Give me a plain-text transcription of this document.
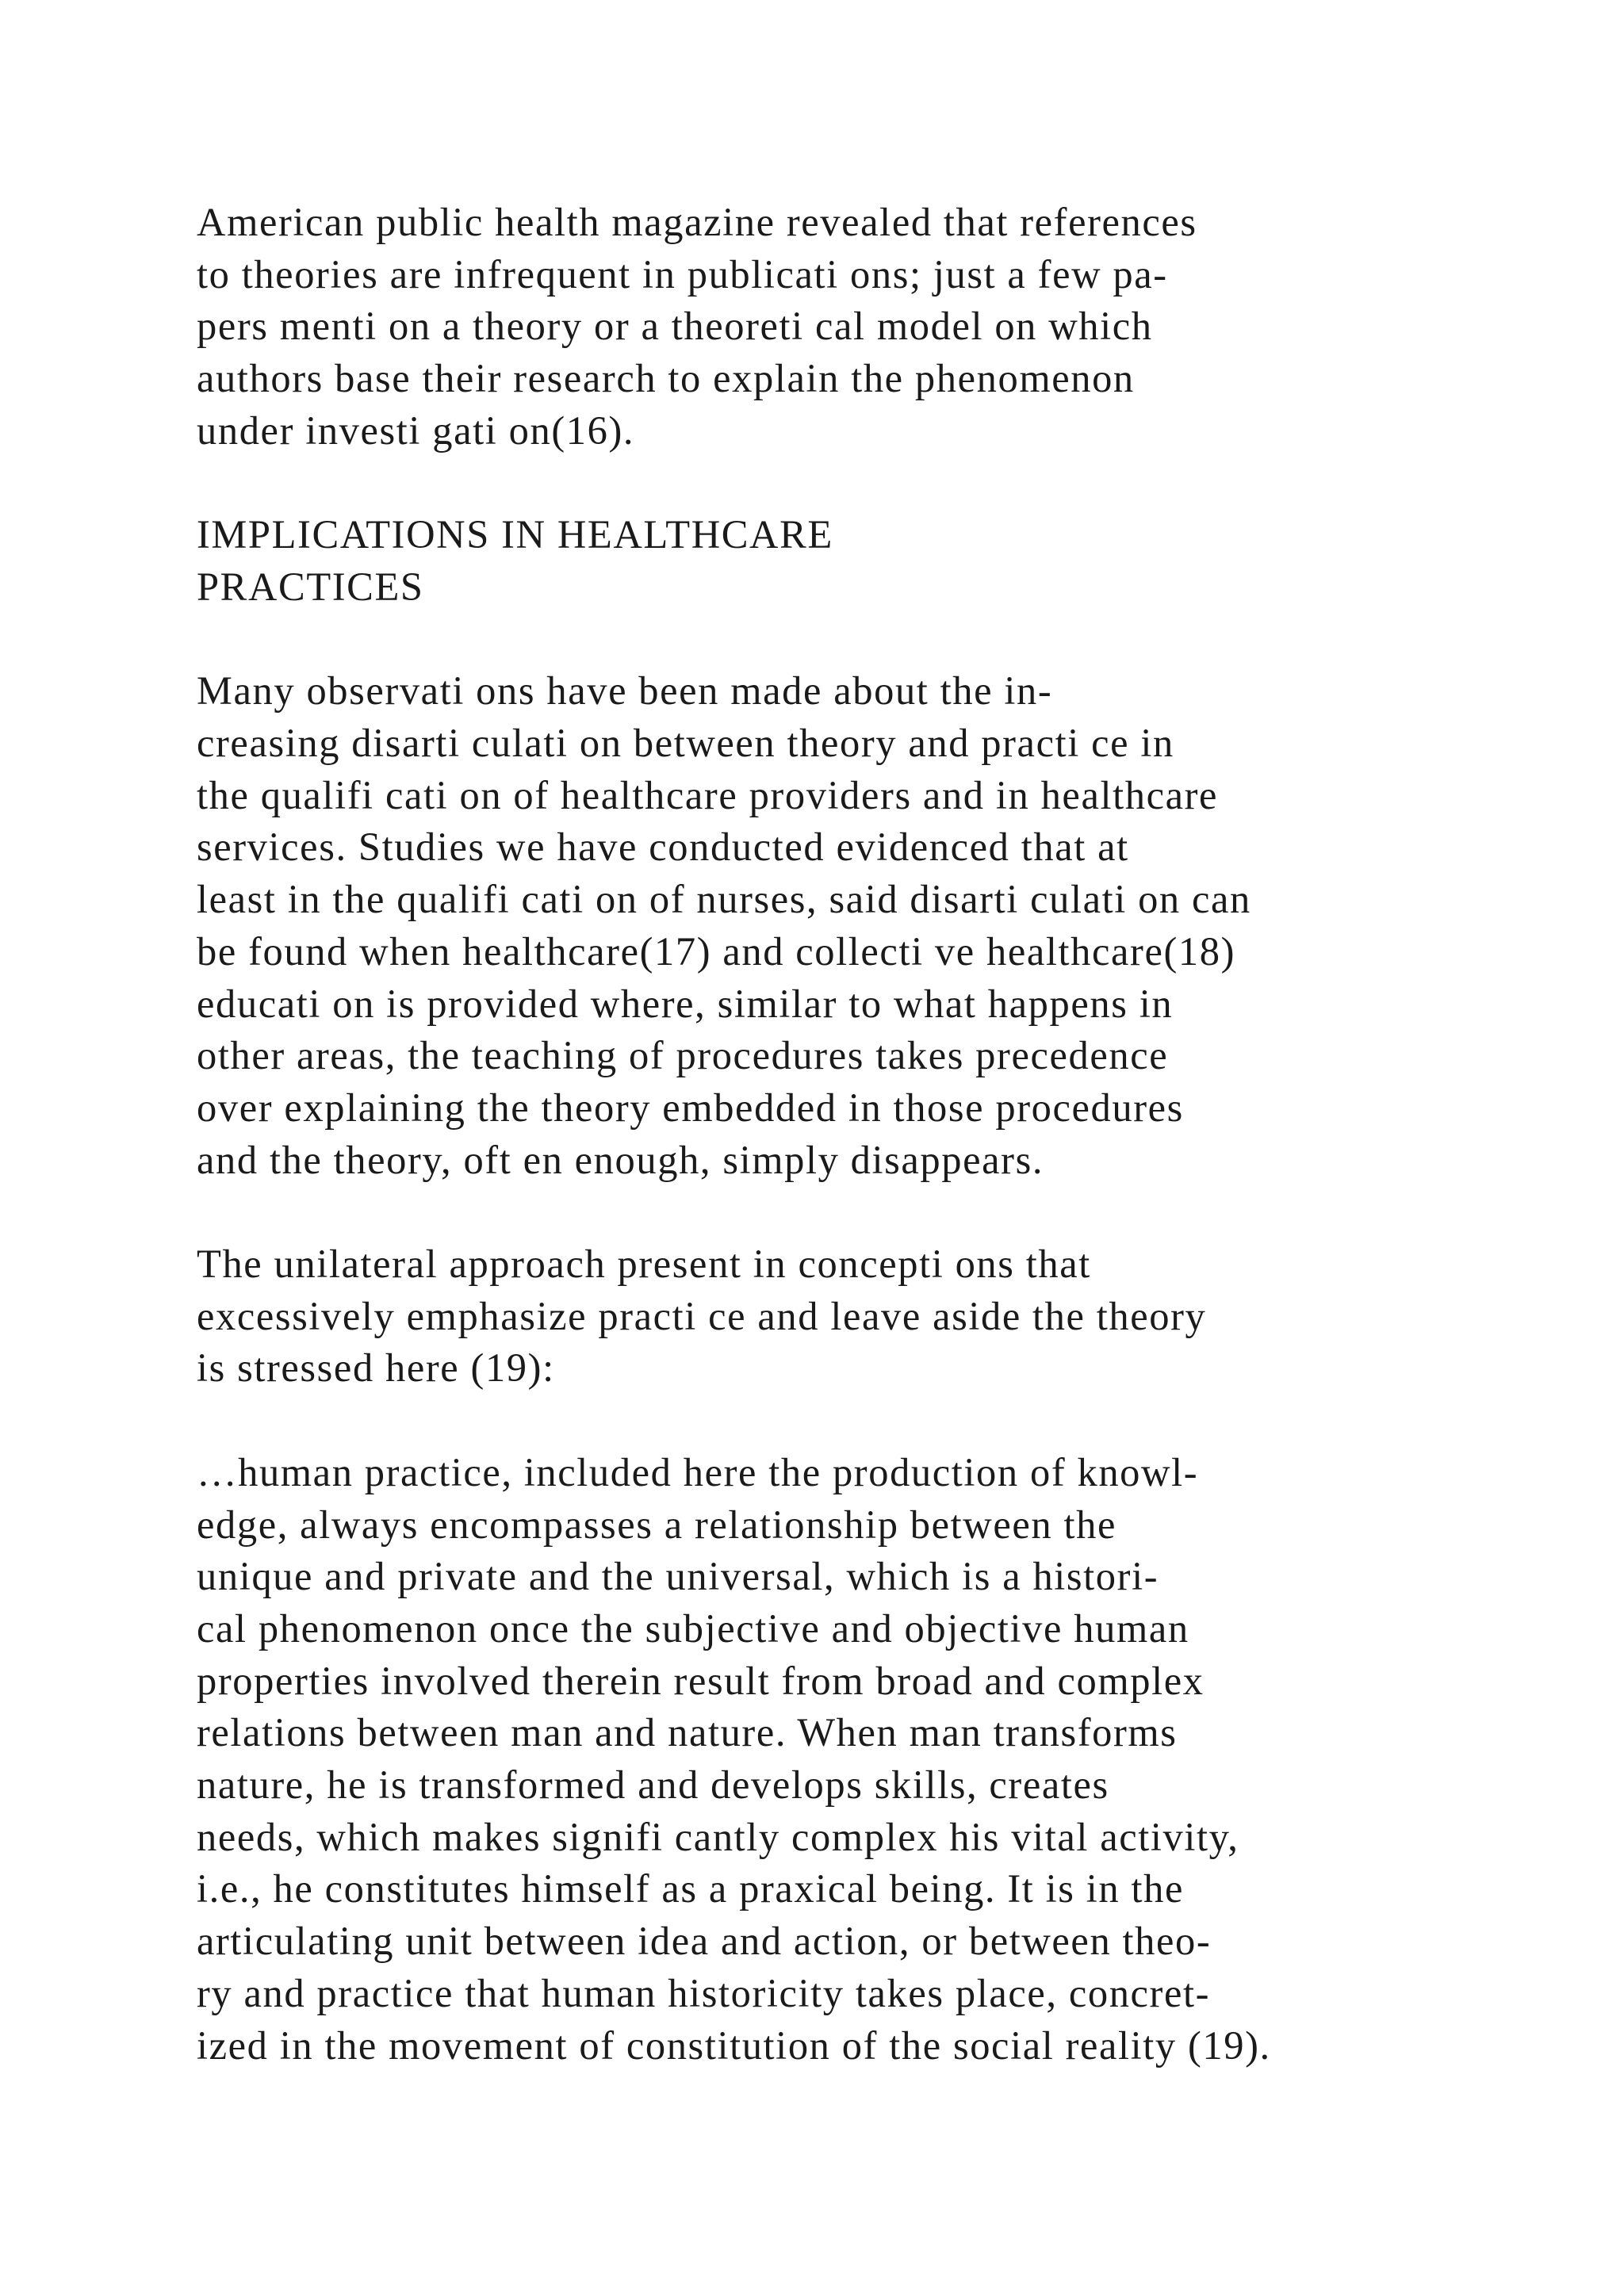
American public health magazine revealed that references
to theories are infrequent in publicati ons; just a few pa-
pers menti on a theory or a theoreti cal model on which
authors base their research to explain the phenomenon
under investi gati on(16).

IMPLICATIONS IN HEALTHCARE
PRACTICES

Many observati ons have been made about the in-
creasing disarti culati on between theory and practi ce in
the qualifi cati on of healthcare providers and in healthcare
services. Studies we have conducted evidenced that at
least in the qualifi cati on of nurses, said disarti culati on can
be found when healthcare(17) and collecti ve healthcare(18)
educati on is provided where, similar to what happens in
other areas, the teaching of procedures takes precedence
over explaining the theory embedded in those procedures
and the theory, oft en enough, simply disappears.

The unilateral approach present in concepti ons that
excessively emphasize practi ce and leave aside the theory
is stressed here (19):

…human practice, included here the production of knowl-
edge, always encompasses a relationship between the
unique and private and the universal, which is a histori-
cal phenomenon once the subjective and objective human
properties involved therein result from broad and complex
relations between man and nature. When man transforms
nature, he is transformed and develops skills, creates
needs, which makes signifi cantly complex his vital activity,
i.e., he constitutes himself as a praxical being. It is in the
articulating unit between idea and action, or between theo-
ry and practice that human historicity takes place, concret-
ized in the movement of constitution of the social reality (19).
